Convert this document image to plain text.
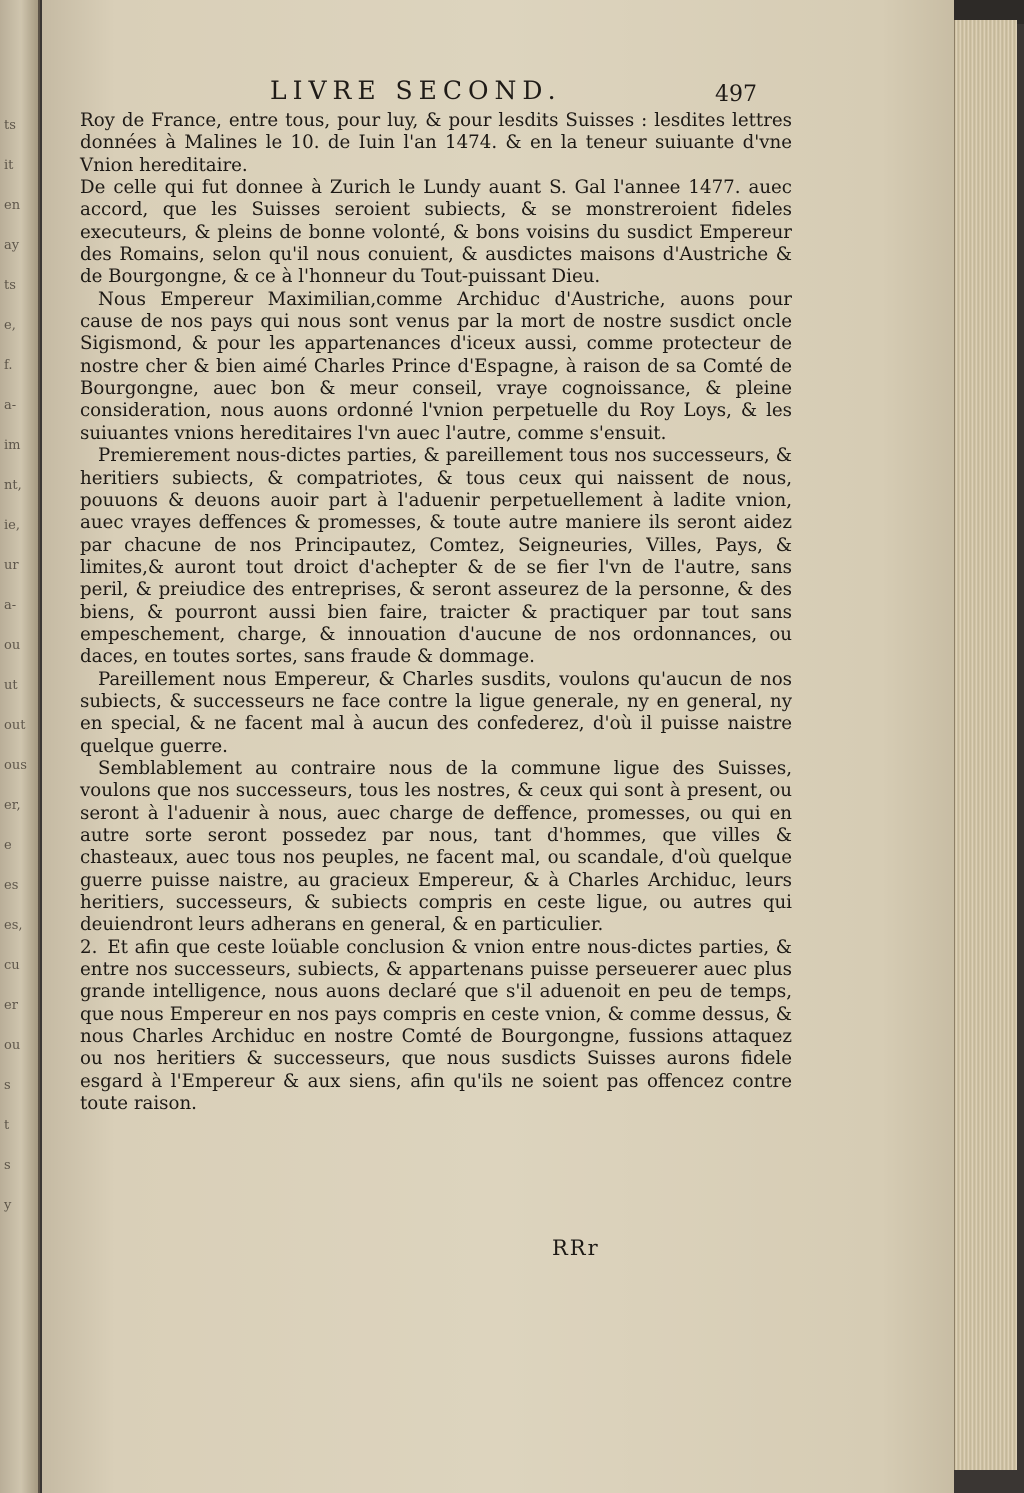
ts
it
en
ay
ts
e,
f.
a-
im
nt,
ie,
ur
a-
ou
ut
out
ous
er,
e
es
es,
cu
er
ou
s
t
s
y
LIVRE SECOND.	497

Roy de France, entre tous, pour luy, & pour lesdits Suisses : lesdites lettres données à Malines le 10. de Iuin l'an 1474. & en la teneur suiuante d'vne Vnion hereditaire.

De celle qui fut donnee à Zurich le Lundy auant S. Gal l'annee 1477. auec accord, que les Suisses seroient subiects, & se monstreroient fideles executeurs, & pleins de bonne volonté, & bons voisins du susdict Empereur des Romains, selon qu'il nous conuient, & ausdictes maisons d'Austriche & de Bourgongne, & ce à l'honneur du Tout-puissant Dieu.

Nous Empereur Maximilian,comme Archiduc d'Austriche, auons pour cause de nos pays qui nous sont venus par la mort de nostre susdict oncle Sigismond, & pour les appartenances d'iceux aussi, comme protecteur de nostre cher & bien aimé Charles Prince d'Espagne, à raison de sa Comté de Bourgongne, auec bon & meur conseil, vraye cognoissance, & pleine consideration, nous auons ordonné l'vnion perpetuelle du Roy Loys, & les suiuantes vnions hereditaires l'vn auec l'autre, comme s'ensuit.

Premierement nous-dictes parties, & pareillement tous nos successeurs, & heritiers subiects, & compatriotes, & tous ceux qui naissent de nous, pouuons & deuons auoir part à l'aduenir perpetuellement à ladite vnion, auec vrayes deffences & promesses, & toute autre maniere ils seront aidez par chacune de nos Principautez, Comtez, Seigneuries, Villes, Pays, & limites,& auront tout droict d'achepter & de se fier l'vn de l'autre, sans peril, & preiudice des entreprises, & seront asseurez de la personne, & des biens, & pourront aussi bien faire, traicter & practiquer par tout sans empeschement, charge, & innouation d'aucune de nos ordonnances, ou daces, en toutes sortes, sans fraude & dommage.

Pareillement nous Empereur, & Charles susdits, voulons qu'aucun de nos subiects, & successeurs ne face contre la ligue generale, ny en general, ny en special, & ne facent mal à aucun des confederez, d'où il puisse naistre quelque guerre.

Semblablement au contraire nous de la commune ligue des Suisses, voulons que nos successeurs, tous les nostres, & ceux qui sont à present, ou seront à l'aduenir à nous, auec charge de deffence, promesses, ou qui en autre sorte seront possedez par nous, tant d'hommes, que villes & chasteaux, auec tous nos peuples, ne facent mal, ou scandale, d'où quelque guerre puisse naistre, au gracieux Empereur, & à Charles Archiduc, leurs heritiers, successeurs, & subiects compris en ceste ligue, ou autres qui deuiendront leurs adherans en general, & en particulier.

2. Et afin que ceste loüable conclusion & vnion entre nous-dictes parties, & entre nos successeurs, subiects, & appartenans puisse perseuerer auec plus grande intelligence, nous auons declaré que s'il aduenoit en peu de temps, que nous Empereur en nos pays compris en ceste vnion, & comme dessus, & nous Charles Archiduc en nostre Comté de Bourgongne, fussions attaquez ou nos heritiers & successeurs, que nous susdicts Suisses aurons fidele esgard à l'Empereur & aux siens, afin qu'ils ne soient pas offencez contre toute raison.

RRr
